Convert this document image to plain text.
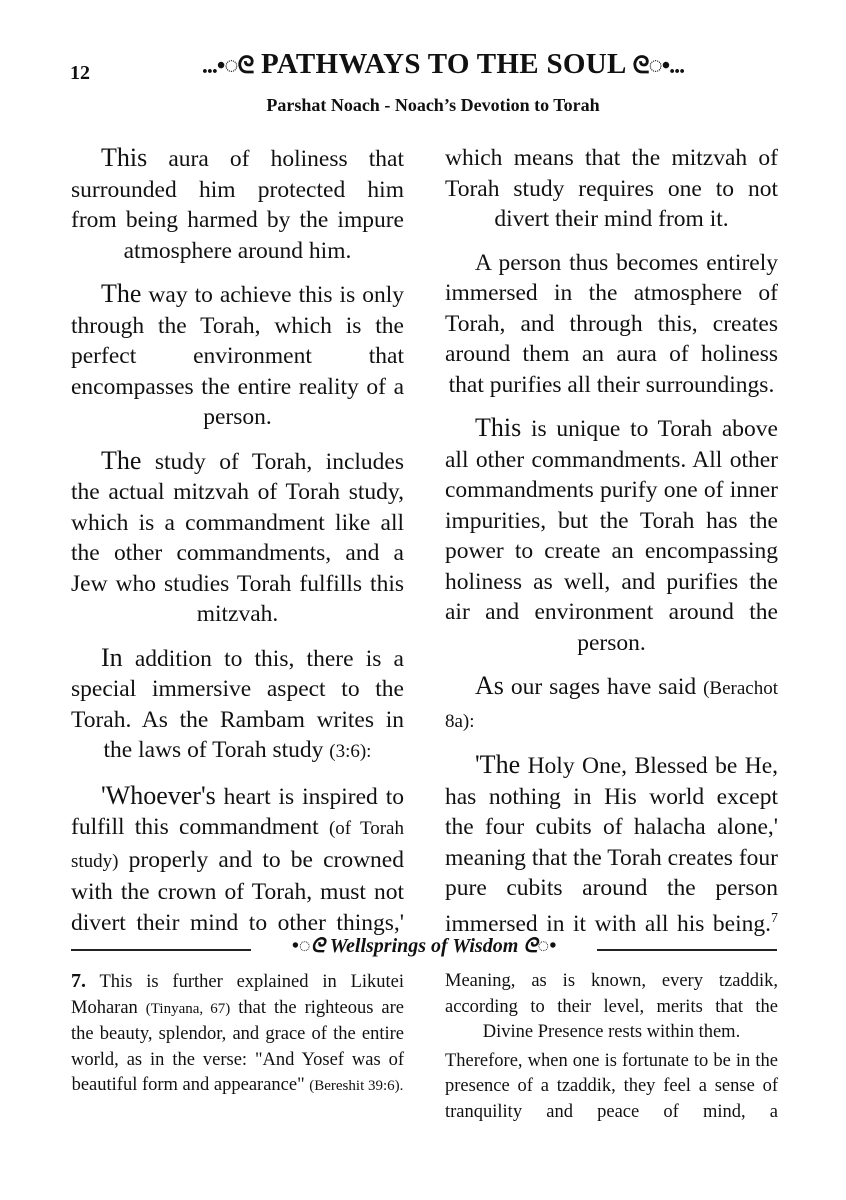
12	...•◌ᘓ PATHWAYS TO THE SOUL ᘓ◌•...
Parshat Noach - Noach’s Devotion to Torah

This aura of holiness that surrounded him protected him from being harmed by the impure atmosphere around him.

The way to achieve this is only through the Torah, which is the perfect environment that encompasses the entire reality of a person.

The study of Torah, includes the actual mitzvah of Torah study, which is a commandment like all the other commandments, and a Jew who studies Torah fulfills this mitzvah.

In addition to this, there is a special immersive aspect to the Torah. As the Rambam writes in the laws of Torah study (3:6):

'Whoever's heart is inspired to fulfill this commandment (of Torah study) properly and to be crowned with the crown of Torah, must not divert their mind to other things,'

which means that the mitzvah of Torah study requires one to not divert their mind from it.

A person thus becomes entirely immersed in the atmosphere of Torah, and through this, creates around them an aura of holiness that purifies all their surroundings.

This is unique to Torah above all other commandments. All other commandments purify one of inner impurities, but the Torah has the power to create an encompassing holiness as well, and purifies the air and environment around the person.

As our sages have said (Berachot 8a):

'The Holy One, Blessed be He, has nothing in His world except the four cubits of halacha alone,' meaning that the Torah creates four pure cubits around the person immersed in it with all his being.$^7$

•◌ᘓ Wellsprings of Wisdom ᘓ◌•

7. This is further explained in Likutei Moharan (Tinyana, 67) that the righteous are the beauty, splendor, and grace of the entire world, as in the verse: "And Yosef was of beautiful form and appearance" (Bereshit 39:6).

Meaning, as is known, every tzaddik, according to their level, merits that the Divine Presence rests within them.

Therefore, when one is fortunate to be in the presence of a tzaddik, they feel a sense of tranquility and peace of mind, a
